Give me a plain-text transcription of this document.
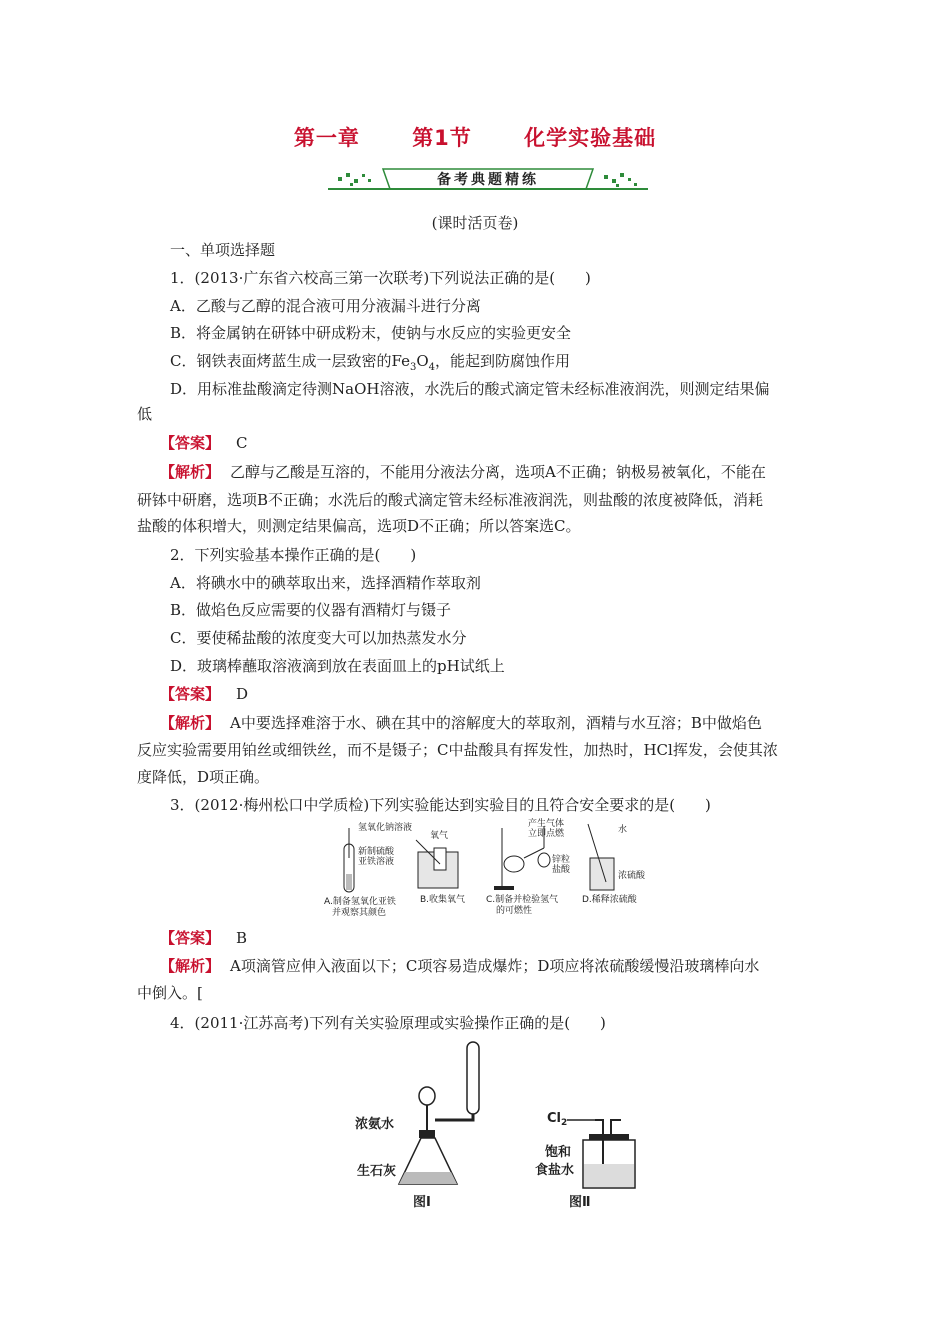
第一章 第1节 化学实验基础
备考典题精练
(课时活页卷)
一、单项选择题
1．(2013·广东省六校高三第一次联考)下列说法正确的是(　　)
A．乙酸与乙醇的混合液可用分液漏斗进行分离
B．将金属钠在研钵中研成粉末，使钠与水反应的实验更安全
C．钢铁表面烤蓝生成一层致密的$Fe_3O_4$，能起到防腐蚀作用
D．用标准盐酸滴定待测NaOH溶液，水洗后的酸式滴定管未经标准液润洗，则测定结果偏
低
【答案】 C
【解析】 乙醇与乙酸是互溶的，不能用分液法分离，选项A不正确；钠极易被氧化，不能在
研钵中研磨，选项B不正确；水洗后的酸式滴定管未经标准液润洗，则盐酸的浓度被降低，消耗
盐酸的体积增大，则测定结果偏高，选项D不正确；所以答案选C。
2．下列实验基本操作正确的是(　　)
A．将碘水中的碘萃取出来，选择酒精作萃取剂
B．做焰色反应需要的仪器有酒精灯与镊子
C．要使稀盐酸的浓度变大可以加热蒸发水分
D．玻璃棒蘸取溶液滴到放在表面皿上的pH试纸上
【答案】 D
【解析】 A中要选择难溶于水、碘在其中的溶解度大的萃取剂，酒精与水互溶；B中做焰色
反应实验需要用铂丝或细铁丝，而不是镊子；C中盐酸具有挥发性，加热时，HCl挥发，会使其浓
度降低，D项正确。
3．(2012·梅州松口中学质检)下列实验能达到实验目的且符合安全要求的是(　　)
氢氧化钠溶液
新制硫酸
亚铁溶液
A.制备氢氧化亚铁
并观察其颜色
氧气
B.收集氧气
产生气体
立即点燃
锌粒
盐酸
C.制备并检验氢气
的可燃性
水
浓硫酸
D.稀释浓硫酸
【答案】 B
【解析】 A项滴管应伸入液面以下；C项容易造成爆炸；D项应将浓硫酸缓慢沿玻璃棒向水
中倒入。[
4．(2011·江苏高考)下列有关实验原理或实验操作正确的是(　　)
浓氨水
生石灰
图Ⅰ
$Cl_2$
饱和
食盐水
图Ⅱ
